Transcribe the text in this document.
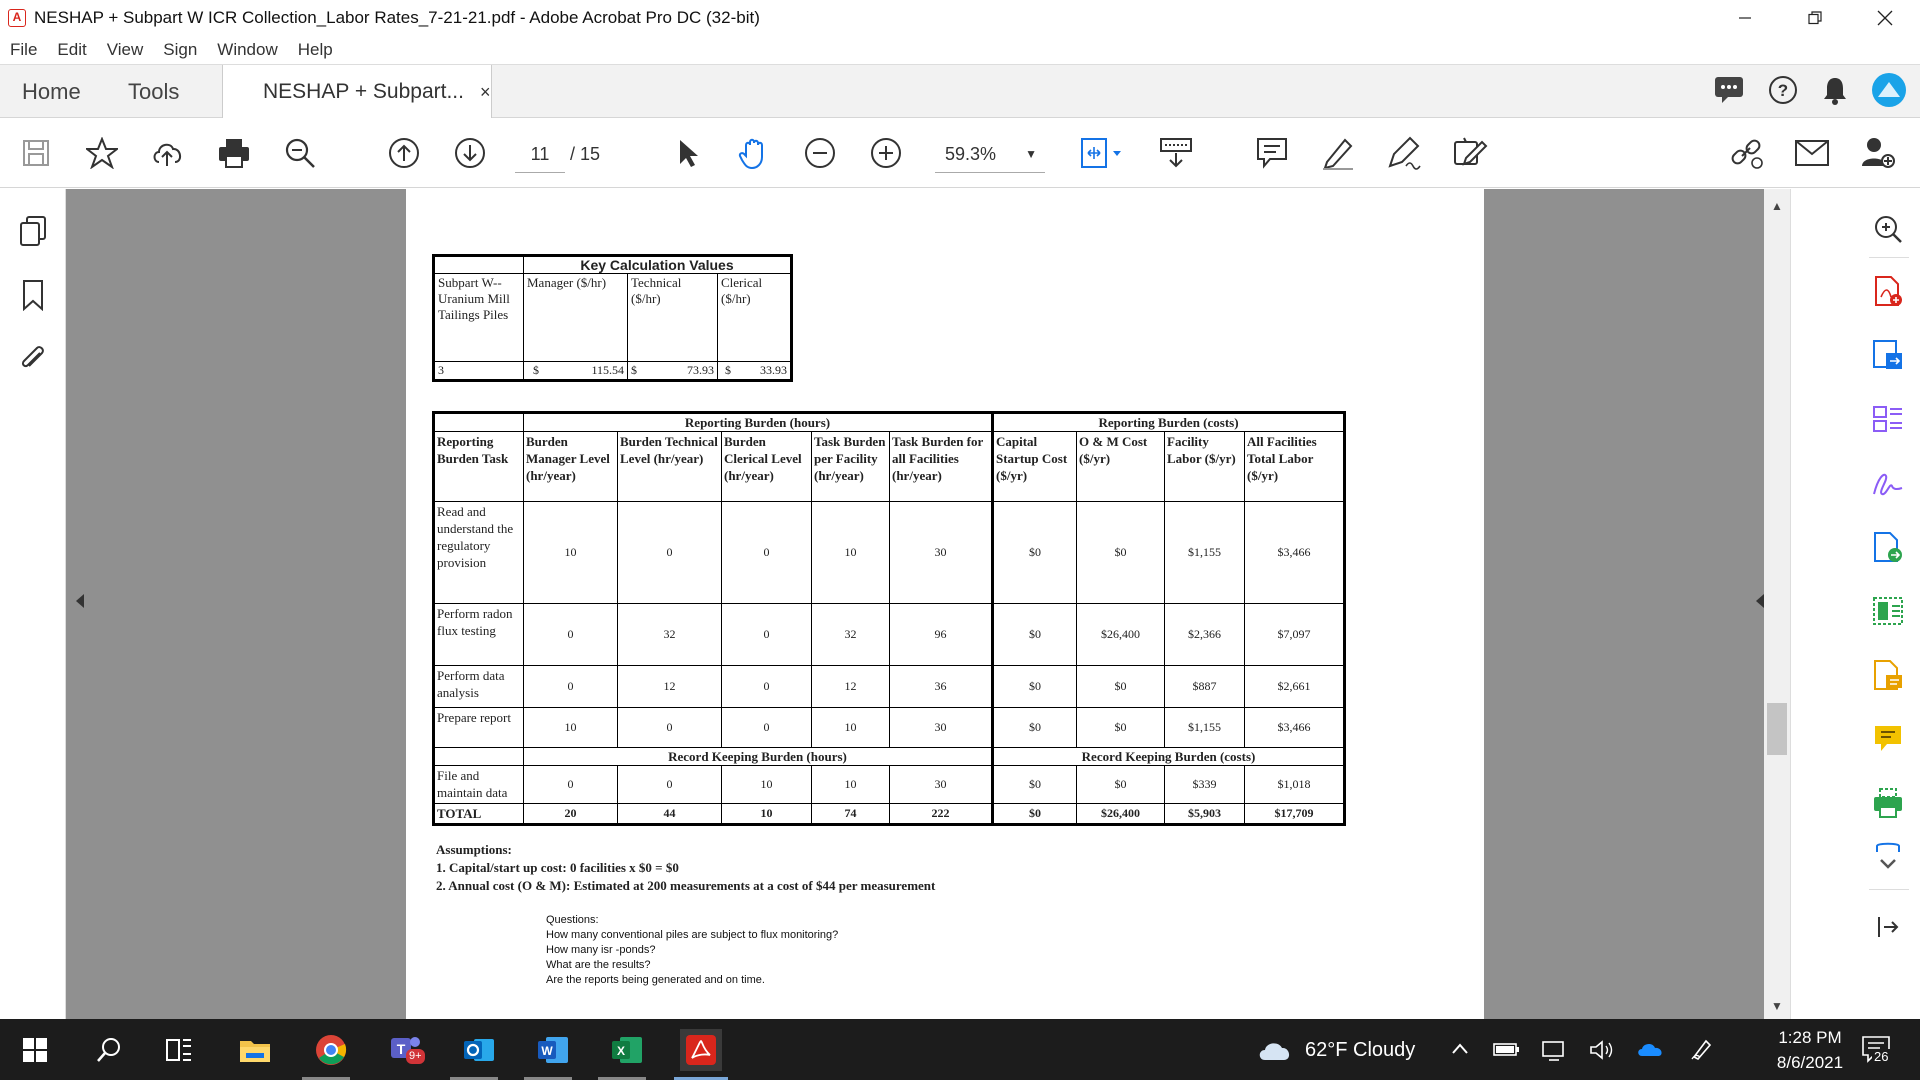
A NESHAP + Subpart W ICR Collection_Labor Rates_7-21-21.pdf - Adobe Acrobat Pro DC (32-bit)
File Edit View Sign Window Help
Home Tools	NESHAP + Subpart... ×	?
11	/ 15	59.3% ▼
	Key Calculation Values		
Subpart W--Uranium Mill Tailings Piles	Manager ($/hr)	Technical ($/hr)	Clerical ($/hr)
3	$ 115.54	$ 73.93	$ 33.93
	Reporting Burden (hours)					Reporting Burden (costs)			
Reporting Burden Task	Burden Manager Level (hr/year)	Burden Technical Level (hr/year)	Burden Clerical Level (hr/year)	Task Burden per Facility (hr/year)	Task Burden for all Facilities (hr/year)	Capital Startup Cost ($/yr)	O & M Cost ($/yr)	Facility Labor ($/yr)	All Facilities Total Labor ($/yr)
Read and understand the regulatory provision	10	0	0	10	30	$0	$0	$1,155	$3,466
Perform radon flux testing	0	32	0	32	96	$0	$26,400	$2,366	$7,097
Perform data analysis	0	12	0	12	36	$0	$0	$887	$2,661
Prepare report	10	0	0	10	30	$0	$0	$1,155	$3,466
	Record Keeping Burden (hours)					Record Keeping Burden (costs)			
File and maintain data	0	0	10	10	30	$0	$0	$339	$1,018
TOTAL	20	44	10	74	222	$0	$26,400	$5,903	$17,709
Assumptions:
1. Capital/start up cost: 0 facilities x $0 = $0
2. Annual cost (O & M): Estimated at 200 measurements at a cost of $44 per measurement
Questions:
How many conventional piles are subject to flux monitoring?
How many isr -ponds?
What are the results?
Are the reports being generated and on time.
▲
▼
T 9+	W	X	62°F Cloudy
1:28 PM
8/6/2021	26
